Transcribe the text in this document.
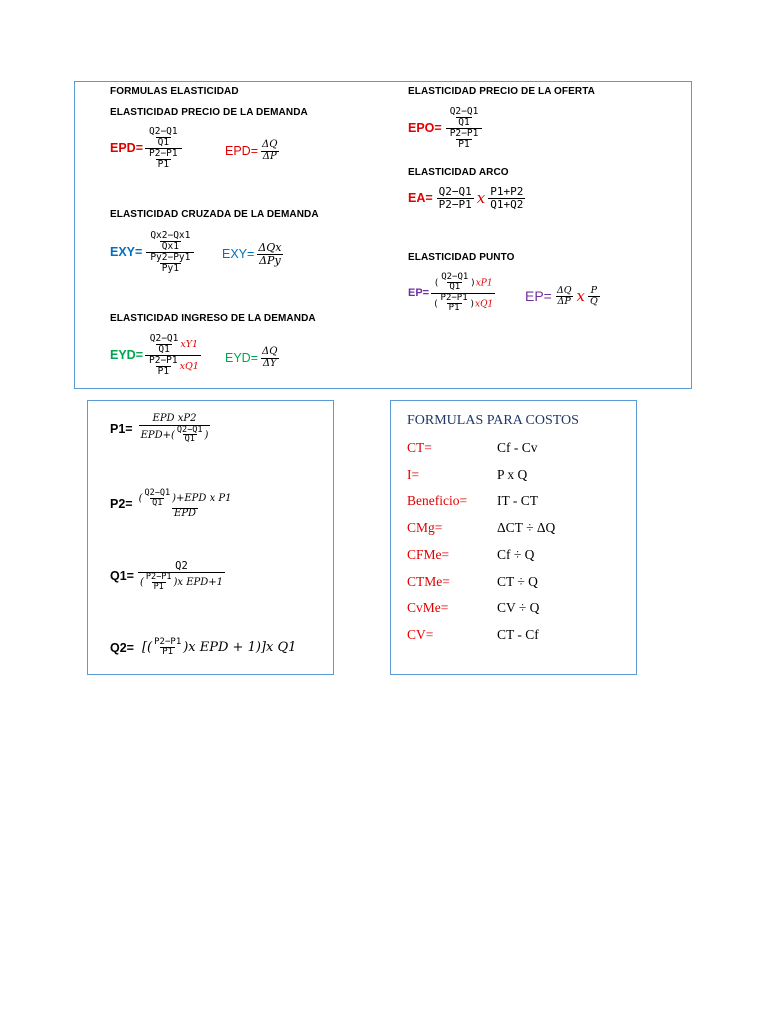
FORMULAS ELASTICIDAD
ELASTICIDAD PRECIO DE LA DEMANDA
$EPD= \frac{\frac{Q2-Q1}{Q1}}{\frac{P2-P1}{P1}}$	$EPD= \frac{\Delta Q}{\Delta P}$
ELASTICIDAD CRUZADA DE LA DEMANDA
$EXY= \frac{\frac{Qx2-Qx1}{Qx1}}{\frac{Py2-Py1}{Py1}} EXY= \frac{\text{ΔQx}}{\text{ΔPy}}$
ELASTICIDAD INGRESO DE LA DEMANDA
$EYD= \frac{\frac{Q2-Q1}{Q1} xY1}{\frac{P2-P1}{P1} xQ1} EYD= \frac{\Delta Q}{\Delta Y}$
ELASTICIDAD PRECIO DE LA OFERTA
$EPO= \frac{\frac{Q2-Q1}{Q1}}{\frac{P2-P1}{P1}}$
ELASTICIDAD ARCO
$EA= \frac{Q2-Q1}{P2-P1}$ x $\frac{P1+P2}{Q1+Q2}$
ELASTICIDAD PUNTO
$EP= \frac{( \frac{Q2-Q1}{Q1} )xP1}{( \frac{P2-P1}{P1} )xQ1} EP= \frac{\Delta Q}{\Delta P}$ x $\frac{P}{Q}$
$P1= \frac{\text{EPD xP2}}{EPD+( \frac{Q2-Q1}{Q1} )}$
$P2= \frac{( \frac{Q2-Q1}{Q1} )+EPD x P1}{\text{EPD}}$
$Q1= \frac{Q2}{( \frac{P2-P1}{P1} )x EPD+1}$
Q2= [( $\frac{P2-P1}{P1} )x$ EPD + 1)]x Q1
FORMULAS PARA COSTOS
CT=	Cf - Cv
I=	P x Q
Beneficio= IT - CT
CMg=	ΔCT ÷ ΔQ
CFMe=	Cf ÷ Q
CTMe=	CT ÷ Q
CvMe=	CV ÷ Q
CV=	CT - Cf
